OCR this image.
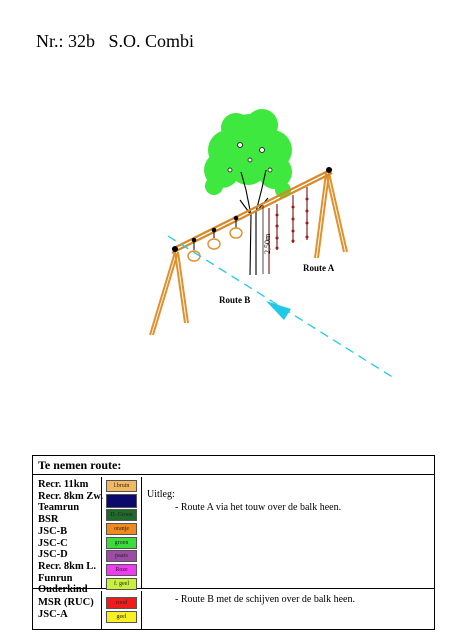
Nr.: 32b   S.O. Combi
2,50m
Route A
Route B
Te nemen route:
Recr. 11km
Recr. 8km Zw.
Teamrun
BSR
JSC-B
JSC-C
JSC-D
Recr. 8km L.
Funrun
Ouderkind
l.bruin
D. Groen
oranje
groen
paars
Roze
f. geel
Uitleg:
- Route A via het touw over de balk heen.
MSR (RUC)
JSC-A
rood
geel
- Route B met de schijven over de balk heen.
